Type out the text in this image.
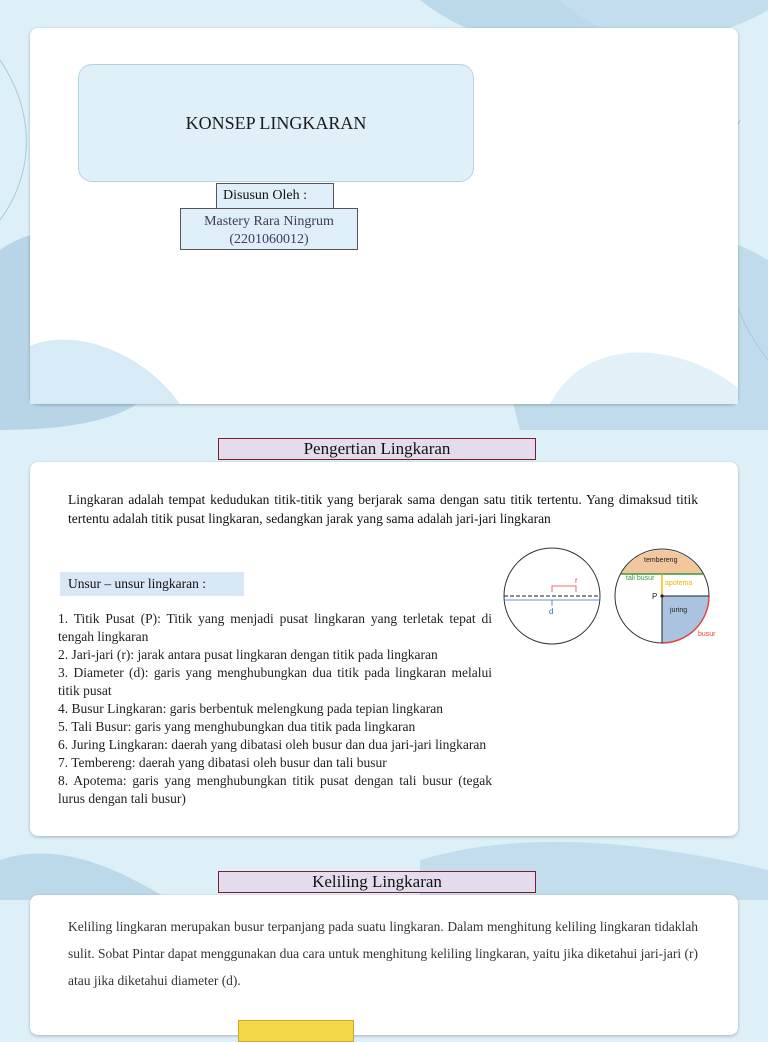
KONSEP LINGKARAN
Disusun Oleh :
Mastery Rara Ningrum
(2201060012)
Pengertian Lingkaran
Lingkaran adalah tempat kedudukan titik-titik yang berjarak sama dengan satu titik tertentu. Yang dimaksud titik tertentu adalah titik pusat lingkaran, sedangkan jarak yang sama adalah jari-jari lingkaran
Unsur – unsur lingkaran :
1. Titik Pusat (P): Titik yang menjadi pusat lingkaran yang terletak tepat di tengah lingkaran
2. Jari-jari (r): jarak antara pusat lingkaran dengan titik pada lingkaran
3. Diameter (d): garis yang menghubungkan dua titik pada lingkaran melalui titik pusat
4. Busur Lingkaran: garis berbentuk melengkung pada tepian lingkaran
5. Tali Busur: garis yang menghubungkan dua titik pada lingkaran
6. Juring Lingkaran: daerah yang dibatasi oleh busur dan dua jari-jari lingkaran
7. Tembereng: daerah yang dibatasi oleh busur dan tali busur
8. Apotema: garis yang menghubungkan titik pusat dengan tali busur (tegak lurus dengan tali busur)
r
d
tembereng
tali busur
apotema
P
juring
busur
Keliling Lingkaran
Keliling lingkaran merupakan busur terpanjang pada suatu lingkaran. Dalam menghitung keliling lingkaran tidaklah sulit. Sobat Pintar dapat menggunakan dua cara untuk menghitung keliling lingkaran, yaitu jika diketahui jari-jari (r) atau jika diketahui diameter (d).
